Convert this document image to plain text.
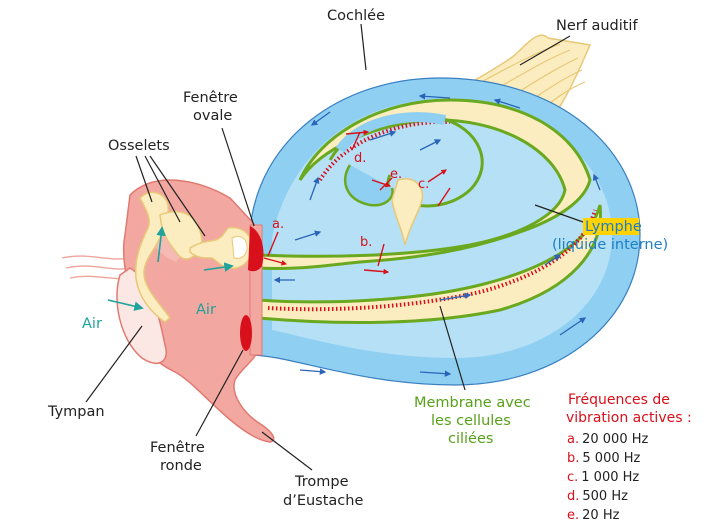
a.
b.
c.
d.
e.
Cochlée
Nerf auditif
Fenêtre
ovale
Osselets
Lymphe
(liquide interne)
Air
Air
Tympan
Fenêtre
ronde
Trompe
d’Eustache
Membrane avec
les cellules
ciliées
Fréquences de
vibration actives :
a. 20 000 Hz
b. 5 000 Hz
c. 1 000 Hz
d. 500 Hz
e. 20 Hz
